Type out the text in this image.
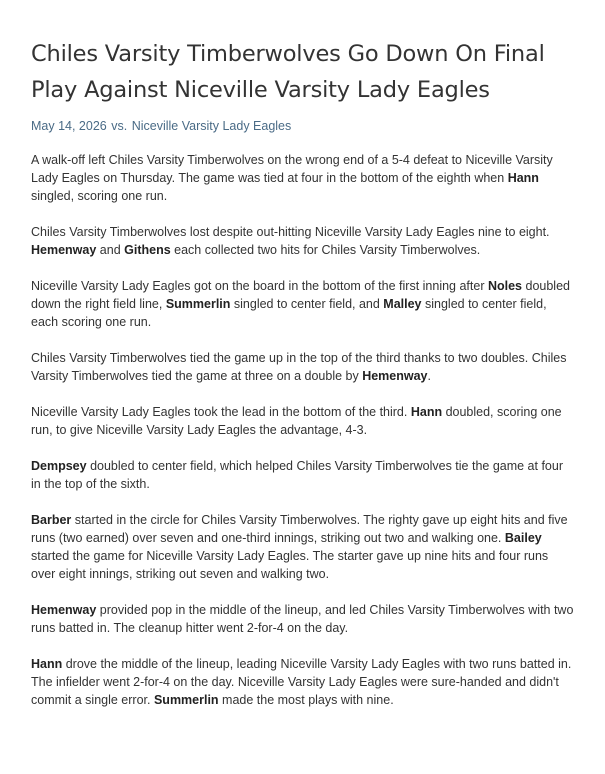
Chiles Varsity Timberwolves Go Down On Final Play Against Niceville Varsity Lady Eagles
May 14, 2026 vs. Niceville Varsity Lady Eagles

A walk-off left Chiles Varsity Timberwolves on the wrong end of a 5-4 defeat to Niceville Varsity Lady Eagles on Thursday. The game was tied at four in the bottom of the eighth when Hann singled, scoring one run.

Chiles Varsity Timberwolves lost despite out-hitting Niceville Varsity Lady Eagles nine to eight. Hemenway and Githens each collected two hits for Chiles Varsity Timberwolves.

Niceville Varsity Lady Eagles got on the board in the bottom of the first inning after Noles doubled down the right field line, Summerlin singled to center field, and Malley singled to center field, each scoring one run.

Chiles Varsity Timberwolves tied the game up in the top of the third thanks to two doubles. Chiles Varsity Timberwolves tied the game at three on a double by Hemenway.

Niceville Varsity Lady Eagles took the lead in the bottom of the third. Hann doubled, scoring one run, to give Niceville Varsity Lady Eagles the advantage, 4-3.

Dempsey doubled to center field, which helped Chiles Varsity Timberwolves tie the game at four in the top of the sixth.

Barber started in the circle for Chiles Varsity Timberwolves. The righty gave up eight hits and five runs (two earned) over seven and one-third innings, striking out two and walking one. Bailey started the game for Niceville Varsity Lady Eagles. The starter gave up nine hits and four runs over eight innings, striking out seven and walking two.

Hemenway provided pop in the middle of the lineup, and led Chiles Varsity Timberwolves with two runs batted in. The cleanup hitter went 2-for-4 on the day.

Hann drove the middle of the lineup, leading Niceville Varsity Lady Eagles with two runs batted in. The infielder went 2-for-4 on the day. Niceville Varsity Lady Eagles were sure-handed and didn't commit a single error. Summerlin made the most plays with nine.
